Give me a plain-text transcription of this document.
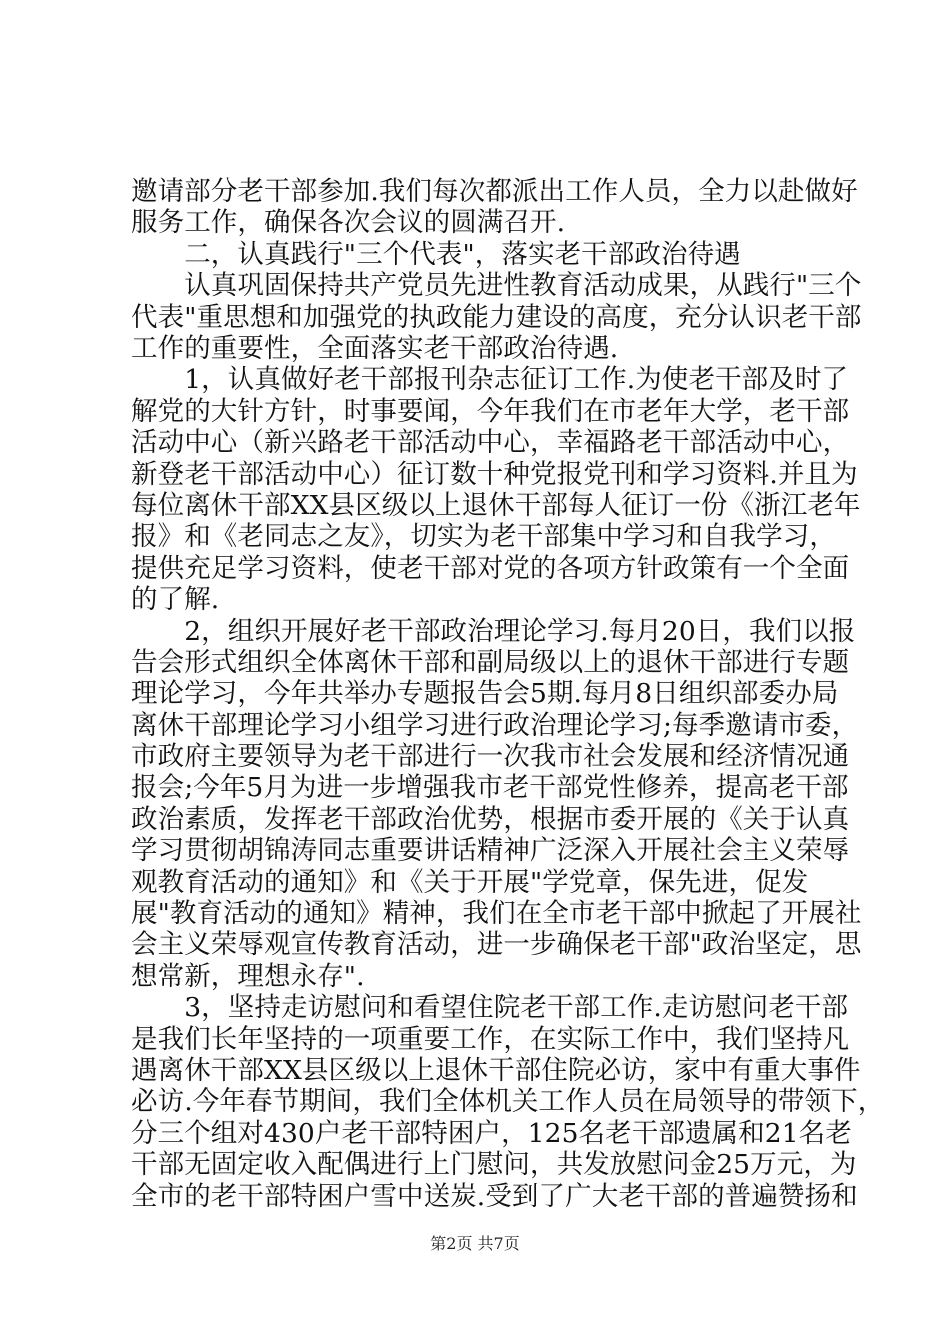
邀请部分老干部参加.我们每次都派出工作人员，全力以赴做好
服务工作，确保各次会议的圆满召开.
　　二，认真践行"三个代表"，落实老干部政治待遇
　　认真巩固保持共产党员先进性教育活动成果，从践行"三个
代表"重思想和加强党的执政能力建设的高度，充分认识老干部
工作的重要性，全面落实老干部政治待遇.
　　1，认真做好老干部报刊杂志征订工作.为使老干部及时了
解党的大针方针，时事要闻，今年我们在市老年大学，老干部
活动中心（新兴路老干部活动中心，幸福路老干部活动中心，
新登老干部活动中心）征订数十种党报党刊和学习资料.并且为
每位离休干部XX县区级以上退休干部每人征订一份《浙江老年
报》和《老同志之友》，切实为老干部集中学习和自我学习，
提供充足学习资料，使老干部对党的各项方针政策有一个全面
的了解.
　　2，组织开展好老干部政治理论学习.每月20日，我们以报
告会形式组织全体离休干部和副局级以上的退休干部进行专题
理论学习，今年共举办专题报告会5期.每月8日组织部委办局
离休干部理论学习小组学习进行政治理论学习;每季邀请市委，
市政府主要领导为老干部进行一次我市社会发展和经济情况通
报会;今年5月为进一步增强我市老干部党性修养，提高老干部
政治素质，发挥老干部政治优势，根据市委开展的《关于认真
学习贯彻胡锦涛同志重要讲话精神广泛深入开展社会主义荣辱
观教育活动的通知》和《关于开展"学党章，保先进，促发
展"教育活动的通知》精神，我们在全市老干部中掀起了开展社
会主义荣辱观宣传教育活动，进一步确保老干部"政治坚定，思
想常新，理想永存".
　　3，坚持走访慰问和看望住院老干部工作.走访慰问老干部
是我们长年坚持的一项重要工作，在实际工作中，我们坚持凡
遇离休干部XX县区级以上退休干部住院必访，家中有重大事件
必访.今年春节期间，我们全体机关工作人员在局领导的带领下，
分三个组对430户老干部特困户，125名老干部遗属和21名老
干部无固定收入配偶进行上门慰问，共发放慰问金25万元，为
全市的老干部特困户雪中送炭.受到了广大老干部的普遍赞扬和
第2页 共7页
